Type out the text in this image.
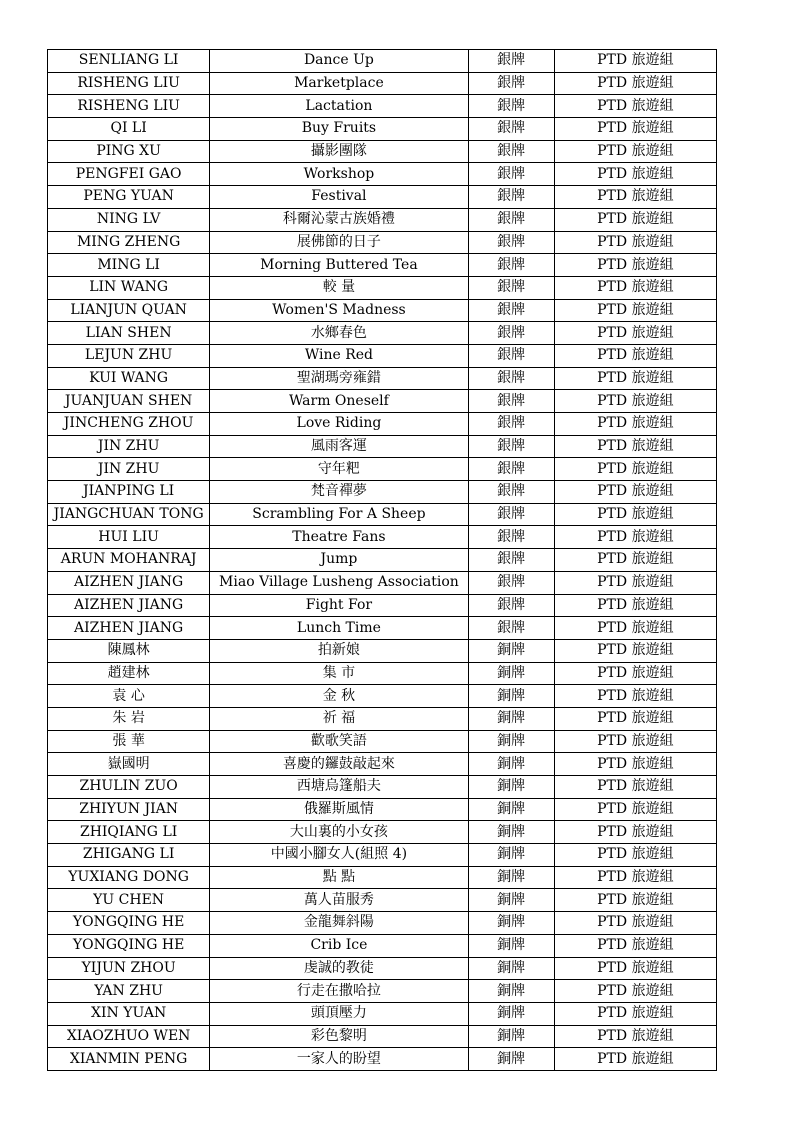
SENLIANG LI	Dance Up	銀牌	PTD 旅遊組
RISHENG LIU	Marketplace	銀牌	PTD 旅遊組
RISHENG LIU	Lactation	銀牌	PTD 旅遊組
QI LI	Buy Fruits	銀牌	PTD 旅遊組
PING XU	攝影團隊	銀牌	PTD 旅遊組
PENGFEI GAO	Workshop	銀牌	PTD 旅遊組
PENG YUAN	Festival	銀牌	PTD 旅遊組
NING LV	科爾沁蒙古族婚禮	銀牌	PTD 旅遊組
MING ZHENG	展佛節的日子	銀牌	PTD 旅遊組
MING LI	Morning Buttered Tea	銀牌	PTD 旅遊組
LIN WANG	較 量	銀牌	PTD 旅遊組
LIANJUN QUAN	Women'S Madness	銀牌	PTD 旅遊組
LIAN SHEN	水鄉春色	銀牌	PTD 旅遊組
LEJUN ZHU	Wine Red	銀牌	PTD 旅遊組
KUI WANG	聖湖瑪旁雍錯	銀牌	PTD 旅遊組
JUANJUAN SHEN	Warm Oneself	銀牌	PTD 旅遊組
JINCHENG ZHOU	Love Riding	銀牌	PTD 旅遊組
JIN ZHU	風雨客運	銀牌	PTD 旅遊組
JIN ZHU	守年粑	銀牌	PTD 旅遊組
JIANPING LI	梵音禪夢	銀牌	PTD 旅遊組
JIANGCHUAN TONG	Scrambling For A Sheep	銀牌	PTD 旅遊組
HUI LIU	Theatre Fans	銀牌	PTD 旅遊組
ARUN MOHANRAJ	Jump	銀牌	PTD 旅遊組
AIZHEN JIANG	Miao Village Lusheng Association	銀牌	PTD 旅遊組
AIZHEN JIANG	Fight For	銀牌	PTD 旅遊組
AIZHEN JIANG	Lunch Time	銀牌	PTD 旅遊組
陳鳳林	拍新娘	銅牌	PTD 旅遊組
趙建林	集 市	銅牌	PTD 旅遊組
袁 心	金 秋	銅牌	PTD 旅遊組
朱 岩	祈 福	銅牌	PTD 旅遊組
張 華	歡歌笑語	銅牌	PTD 旅遊組
嶽國明	喜慶的鑼鼓敲起來	銅牌	PTD 旅遊組
ZHULIN ZUO	西塘烏篷船夫	銅牌	PTD 旅遊組
ZHIYUN JIAN	俄羅斯風情	銅牌	PTD 旅遊組
ZHIQIANG LI	大山裏的小女孩	銅牌	PTD 旅遊組
ZHIGANG LI	中國小腳女人(組照 4)	銅牌	PTD 旅遊組
YUXIANG DONG	點 點	銅牌	PTD 旅遊組
YU CHEN	萬人苗服秀	銅牌	PTD 旅遊組
YONGQING HE	金龍舞斜陽	銅牌	PTD 旅遊組
YONGQING HE	Crib Ice	銅牌	PTD 旅遊組
YIJUN ZHOU	虔誠的教徒	銅牌	PTD 旅遊組
YAN ZHU	行走在撒哈拉	銅牌	PTD 旅遊組
XIN YUAN	頭頂壓力	銅牌	PTD 旅遊組
XIAOZHUO WEN	彩色黎明	銅牌	PTD 旅遊組
XIANMIN PENG	一家人的盼望	銅牌	PTD 旅遊組
